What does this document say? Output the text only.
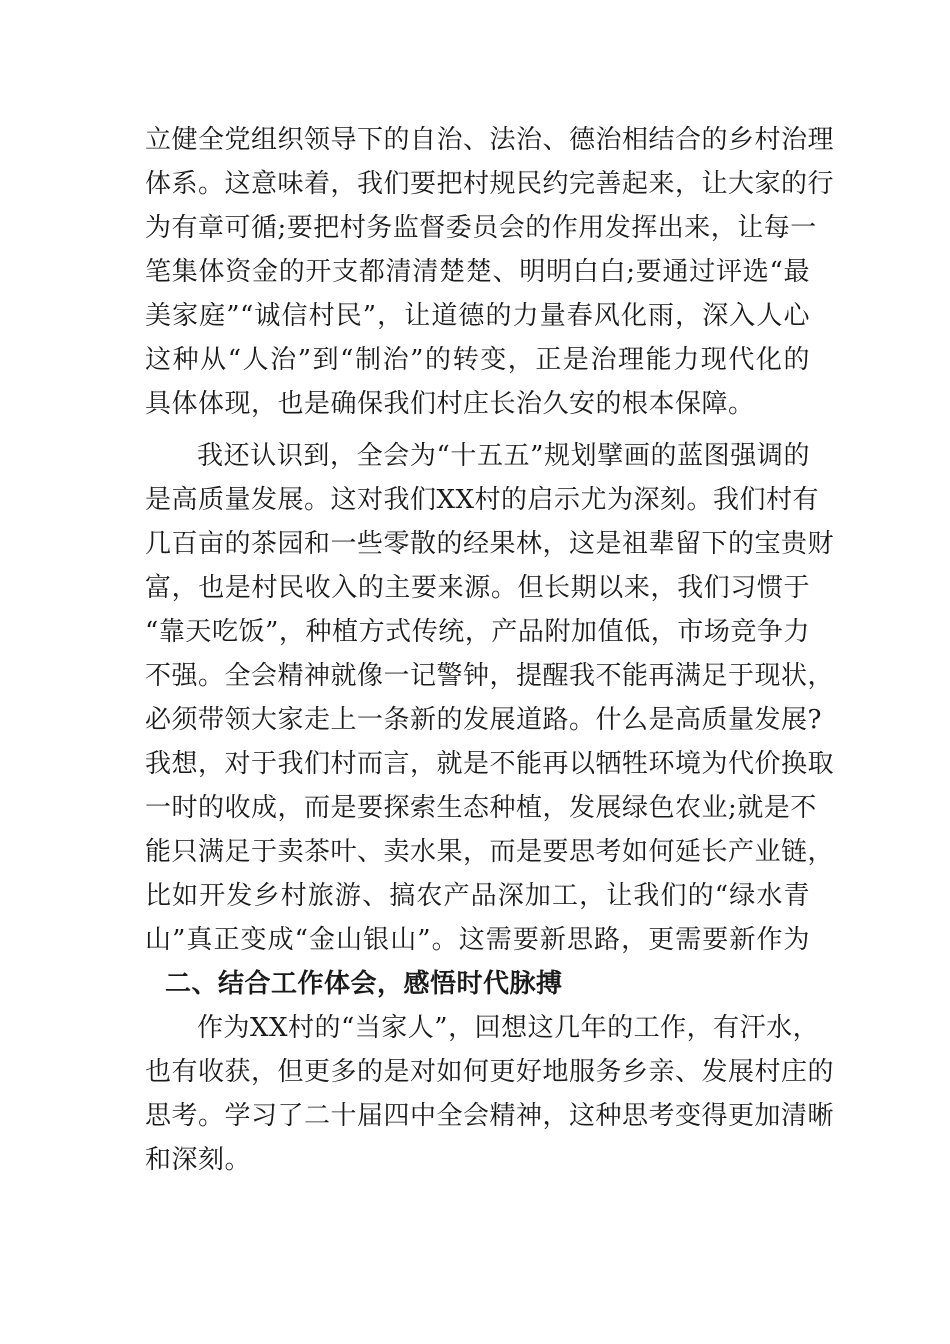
立健全党组织领导下的自治、法治、德治相结合的乡村治理
体系。这意味着，我们要把村规民约完善起来，让大家的行
为有章可循;要把村务监督委员会的作用发挥出来，让每一
笔集体资金的开支都清清楚楚、明明白白;要通过评选“最
美家庭”“诚信村民”，让道德的力量春风化雨，深入人心
这种从“人治”到“制治”的转变，正是治理能力现代化的
具体体现，也是确保我们村庄长治久安的根本保障。
我还认识到，全会为“十五五”规划擘画的蓝图强调的
是高质量发展。这对我们XX村的启示尤为深刻。我们村有
几百亩的茶园和一些零散的经果林，这是祖辈留下的宝贵财
富，也是村民收入的主要来源。但长期以来，我们习惯于
“靠天吃饭”，种植方式传统，产品附加值低，市场竞争力
不强。全会精神就像一记警钟，提醒我不能再满足于现状，
必须带领大家走上一条新的发展道路。什么是高质量发展?
我想，对于我们村而言，就是不能再以牺牲环境为代价换取
一时的收成，而是要探索生态种植，发展绿色农业;就是不
能只满足于卖茶叶、卖水果，而是要思考如何延长产业链，
比如开发乡村旅游、搞农产品深加工，让我们的“绿水青
山”真正变成“金山银山”。这需要新思路，更需要新作为
二、结合工作体会，感悟时代脉搏
作为XX村的“当家人”，回想这几年的工作，有汗水，
也有收获，但更多的是对如何更好地服务乡亲、发展村庄的
思考。学习了二十届四中全会精神，这种思考变得更加清晰
和深刻。
